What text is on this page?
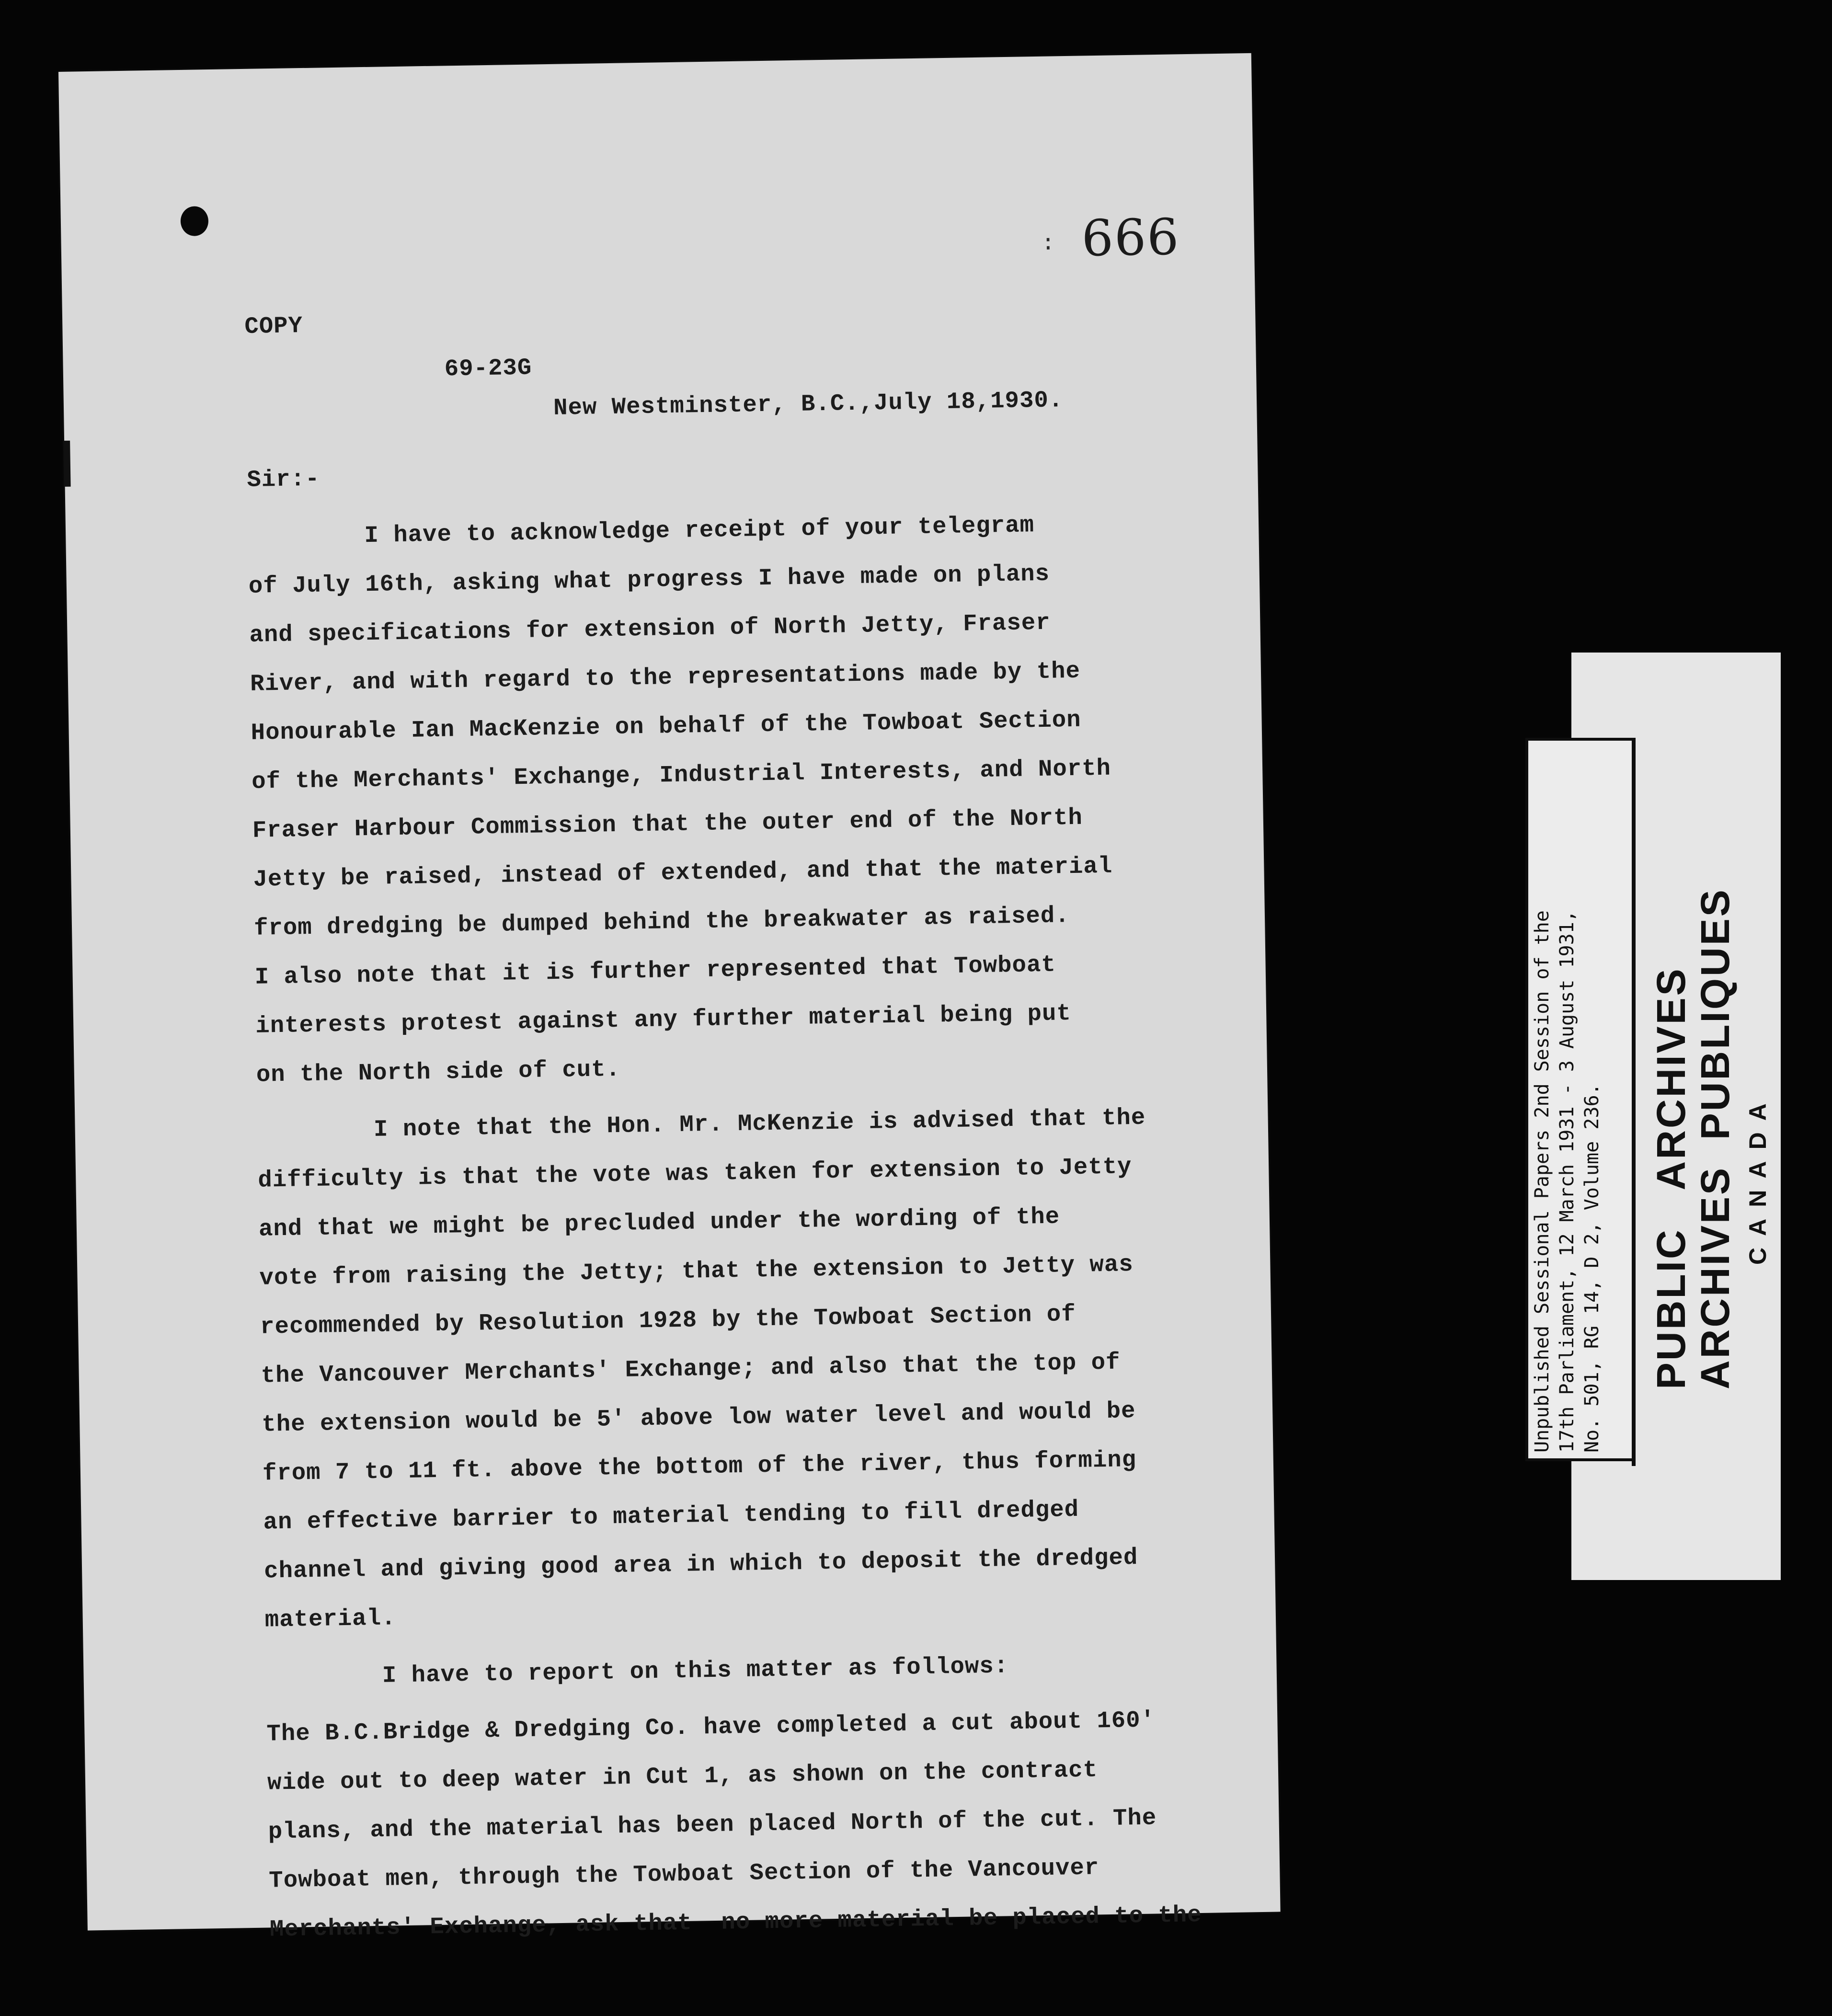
: 666
COPY
69-23G
New Westminster, B.C.,July 18,1930.
Sir:-
I have to acknowledge receipt of your telegram
of July 16th, asking what progress I have made on plans
and specifications for extension of North Jetty, Fraser
River, and with regard to the representations made by the
Honourable Ian MacKenzie on behalf of the Towboat Section
of the Merchants' Exchange, Industrial Interests, and North
Fraser Harbour Commission that the outer end of the North
Jetty be raised, instead of extended, and that the material
from dredging be dumped behind the breakwater as raised.
I also note that it is further represented that Towboat
interests protest against any further material being put
on the North side of cut.
I note that the Hon. Mr. McKenzie is advised that the
difficulty is that the vote was taken for extension to Jetty
and that we might be precluded under the wording of the
vote from raising the Jetty; that the extension to Jetty was
recommended by Resolution 1928 by the Towboat Section of
the Vancouver Merchants' Exchange; and also that the top of
the extension would be 5' above low water level and would be
from 7 to 11 ft. above the bottom of the river, thus forming
an effective barrier to material tending to fill dredged
channel and giving good area in which to deposit the dredged
material.
I have to report on this matter as follows:
The B.C.Bridge & Dredging Co. have completed a cut about 160'
wide out to deep water in Cut 1, as shown on the contract
plans, and the material has been placed North of the cut. The
Towboat men, through the Towboat Section of the Vancouver
Merchants' Exchange, ask that  no more material be placed to the
Unpublished Sessional Papers 2nd Session of the 17th Parliament, 12 March 1931 - 3 August 1931, No. 501, RG 14, D 2, Volume 236. PUBLIC   ARCHIVES
ARCHIVES  PUBLIQUES C A N A D A
